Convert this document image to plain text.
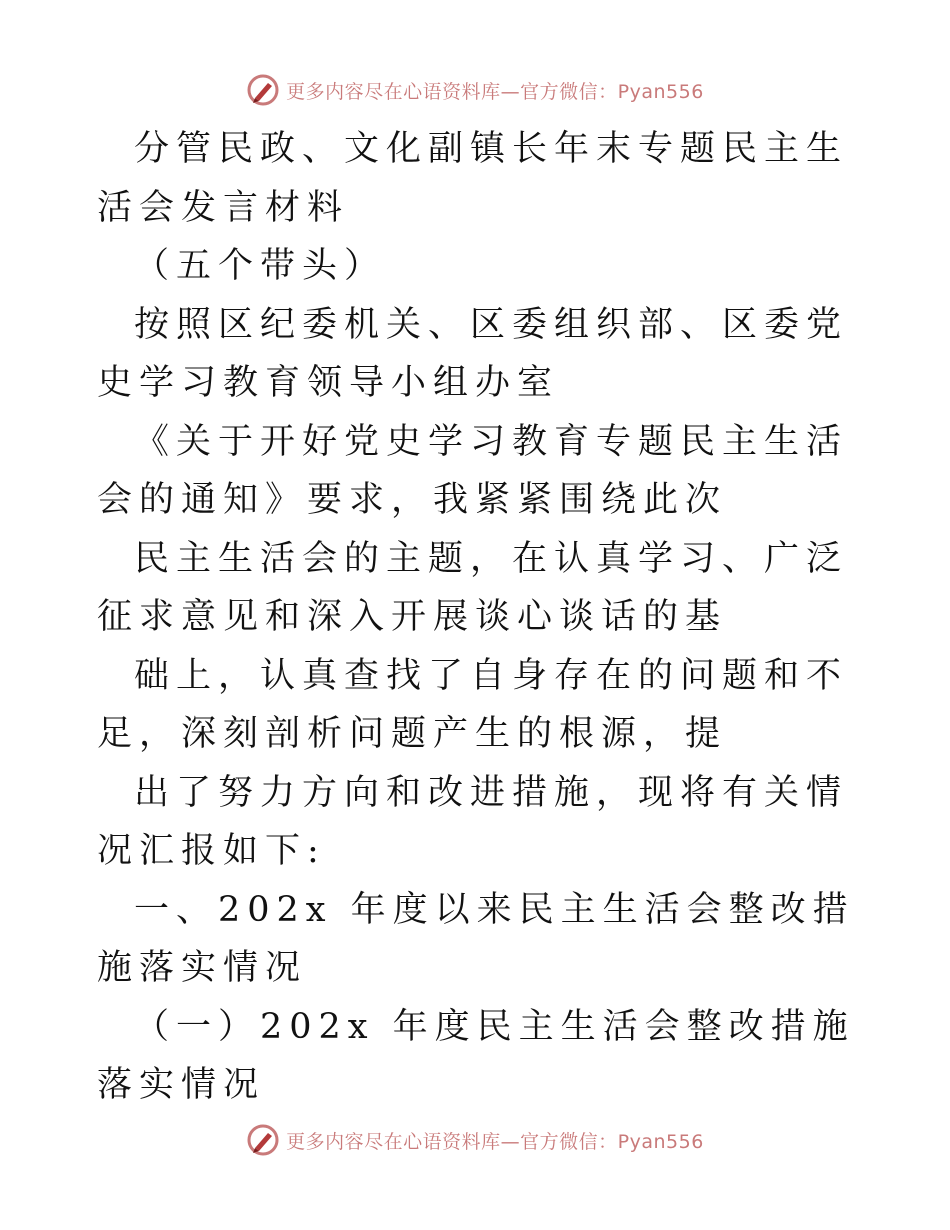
更多内容尽在心语资料库—官方微信：Pyan556

分管民政、文化副镇长年末专题民主生活会发言材料

（五个带头）

按照区纪委机关、区委组织部、区委党史学习教育领导小组办室

《关于开好党史学习教育专题民主生活会的通知》要求，我紧紧围绕此次

民主生活会的主题，在认真学习、广泛征求意见和深入开展谈心谈话的基

础上，认真查找了自身存在的问题和不足，深刻剖析问题产生的根源，提

出了努力方向和改进措施，现将有关情况汇报如下:

一、202x 年度以来民主生活会整改措施落实情况

（一）202x 年度民主生活会整改措施落实情况

更多内容尽在心语资料库—官方微信：Pyan556
